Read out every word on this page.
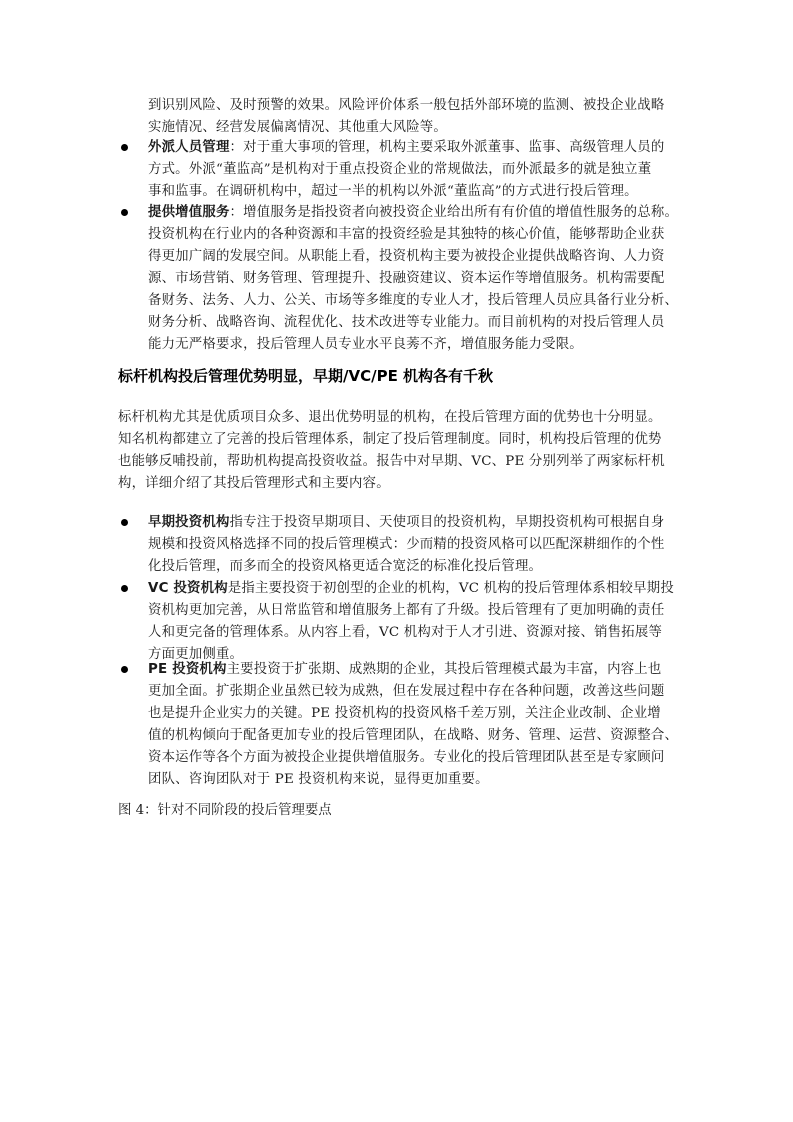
到识别风险、及时预警的效果。风险评价体系一般包括外部环境的监测、被投企业战略
实施情况、经营发展偏离情况、其他重大风险等。
外派人员管理：对于重大事项的管理，机构主要采取外派董事、监事、高级管理人员的
方式。外派“董监高”是机构对于重点投资企业的常规做法，而外派最多的就是独立董
事和监事。在调研机构中，超过一半的机构以外派“董监高”的方式进行投后管理。
提供增值服务：增值服务是指投资者向被投资企业给出所有有价值的增值性服务的总称。
投资机构在行业内的各种资源和丰富的投资经验是其独特的核心价值，能够帮助企业获
得更加广阔的发展空间。从职能上看，投资机构主要为被投企业提供战略咨询、人力资
源、市场营销、财务管理、管理提升、投融资建议、资本运作等增值服务。机构需要配
备财务、法务、人力、公关、市场等多维度的专业人才，投后管理人员应具备行业分析、
财务分析、战略咨询、流程优化、技术改进等专业能力。而目前机构的对投后管理人员
能力无严格要求，投后管理人员专业水平良莠不齐，增值服务能力受限。
标杆机构投后管理优势明显，早期/VC/PE 机构各有千秋
标杆机构尤其是优质项目众多、退出优势明显的机构，在投后管理方面的优势也十分明显。
知名机构都建立了完善的投后管理体系，制定了投后管理制度。同时，机构投后管理的优势
也能够反哺投前，帮助机构提高投资收益。报告中对早期、VC、PE 分别列举了两家标杆机
构，详细介绍了其投后管理形式和主要内容。
早期投资机构指专注于投资早期项目、天使项目的投资机构，早期投资机构可根据自身
规模和投资风格选择不同的投后管理模式：少而精的投资风格可以匹配深耕细作的个性
化投后管理，而多而全的投资风格更适合宽泛的标准化投后管理。
VC 投资机构是指主要投资于初创型的企业的机构，VC 机构的投后管理体系相较早期投
资机构更加完善，从日常监管和增值服务上都有了升级。投后管理有了更加明确的责任
人和更完备的管理体系。从内容上看，VC 机构对于人才引进、资源对接、销售拓展等
方面更加侧重。
PE 投资机构主要投资于扩张期、成熟期的企业，其投后管理模式最为丰富，内容上也
更加全面。扩张期企业虽然已较为成熟，但在发展过程中存在各种问题，改善这些问题
也是提升企业实力的关键。PE 投资机构的投资风格千差万别，关注企业改制、企业增
值的机构倾向于配备更加专业的投后管理团队，在战略、财务、管理、运营、资源整合、
资本运作等各个方面为被投企业提供增值服务。专业化的投后管理团队甚至是专家顾问
团队、咨询团队对于 PE 投资机构来说，显得更加重要。
图 4：针对不同阶段的投后管理要点
